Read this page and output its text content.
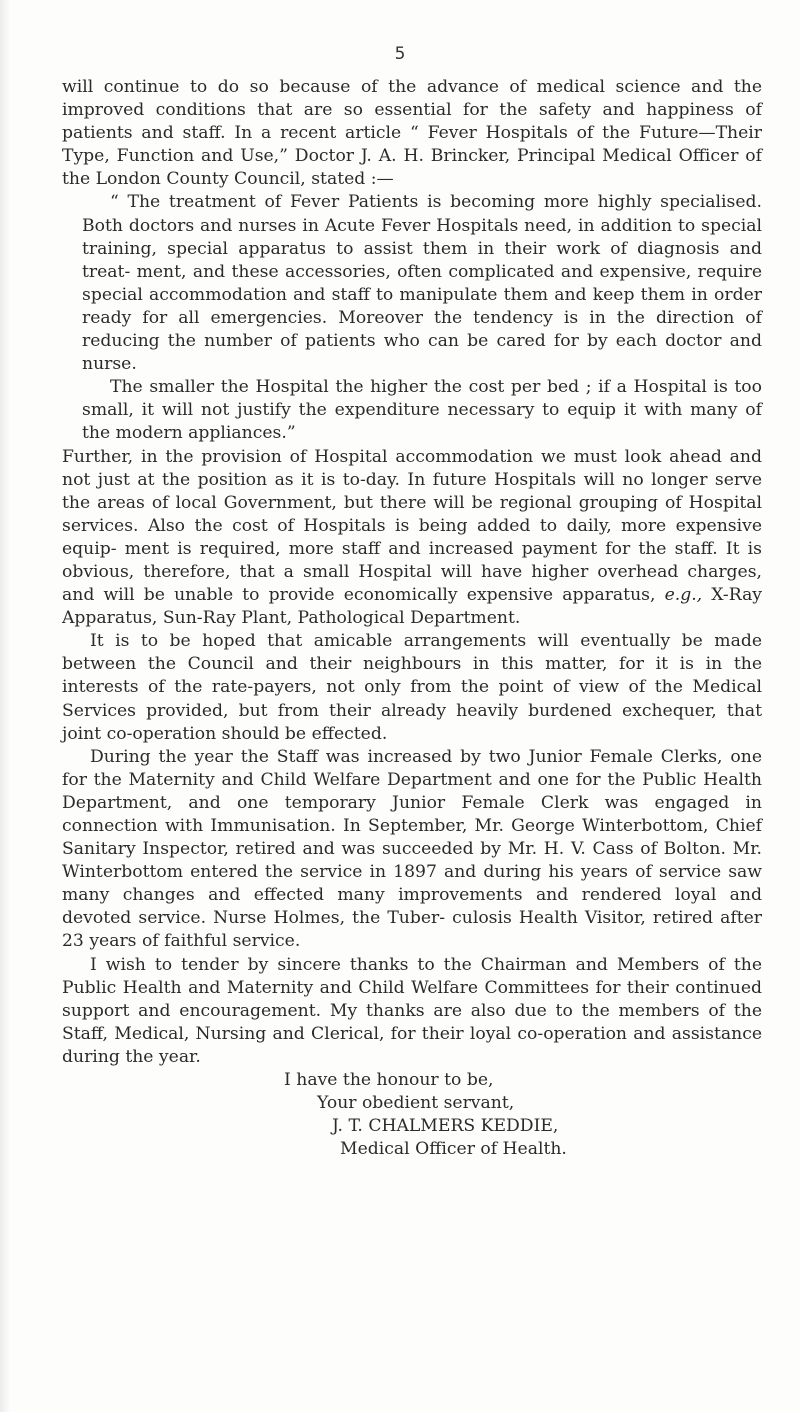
5

will continue to do so because of the advance of medical science and the improved conditions that are so essential for the safety and happiness of patients and staff. In a recent article “ Fever Hospitals of the Future—Their Type, Function and Use,” Doctor J. A. H. Brincker, Principal Medical Officer of the London County Council, stated :—

“ The treatment of Fever Patients is becoming more highly specialised. Both doctors and nurses in Acute Fever Hospitals need, in addition to special training, special apparatus to assist them in their work of diagnosis and treat- ment, and these accessories, often complicated and expensive, require special accommodation and staff to manipulate them and keep them in order ready for all emergencies. Moreover the tendency is in the direction of reducing the number of patients who can be cared for by each doctor and nurse.

The smaller the Hospital the higher the cost per bed ; if a Hospital is too small, it will not justify the expenditure necessary to equip it with many of the modern appliances.”

Further, in the provision of Hospital accommodation we must look ahead and not just at the position as it is to-day. In future Hospitals will no longer serve the areas of local Government, but there will be regional grouping of Hospital services. Also the cost of Hospitals is being added to daily, more expensive equip- ment is required, more staff and increased payment for the staff. It is obvious, therefore, that a small Hospital will have higher overhead charges, and will be unable to provide economically expensive apparatus, e.g., X-Ray Apparatus, Sun-Ray Plant, Pathological Department.

It is to be hoped that amicable arrangements will eventually be made between the Council and their neighbours in this matter, for it is in the interests of the rate-payers, not only from the point of view of the Medical Services provided, but from their already heavily burdened exchequer, that joint co-operation should be effected.

During the year the Staff was increased by two Junior Female Clerks, one for the Maternity and Child Welfare Department and one for the Public Health Department, and one temporary Junior Female Clerk was engaged in connection with Immunisation. In September, Mr. George Winterbottom, Chief Sanitary Inspector, retired and was succeeded by Mr. H. V. Cass of Bolton. Mr. Winterbottom entered the service in 1897 and during his years of service saw many changes and effected many improvements and rendered loyal and devoted service. Nurse Holmes, the Tuber- culosis Health Visitor, retired after 23 years of faithful service.

I wish to tender by sincere thanks to the Chairman and Members of the Public Health and Maternity and Child Welfare Committees for their continued support and encouragement. My thanks are also due to the members of the Staff, Medical, Nursing and Clerical, for their loyal co-operation and assistance during the year.

I have the honour to be,

Your obedient servant,

J. T. CHALMERS KEDDIE,

Medical Officer of Health.
